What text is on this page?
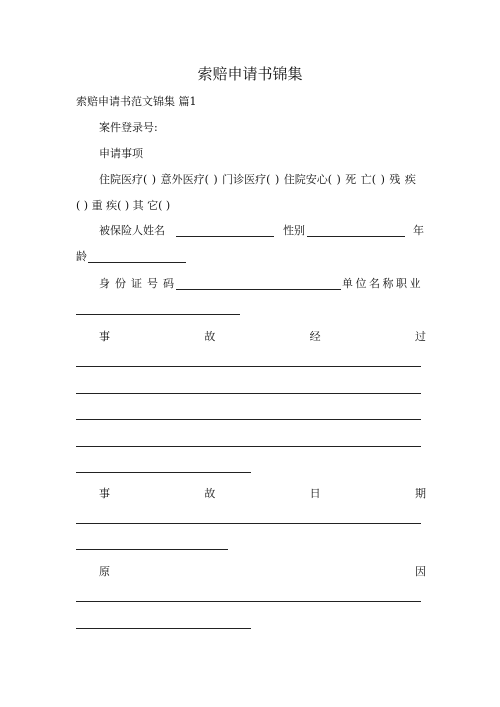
索赔申请书锦集
索赔申请书范文锦集 篇1
案件登录号:
申请事项
住院医疗( ) 意外医疗( ) 门诊医疗( ) 住院安心( ) 死 亡( ) 残 疾
( ) 重 疾( ) 其 它( )
被保险人姓名	性别	年
龄
身份证号码	单位名称职业
事	故	经	过
事	故	日	期
原	因
